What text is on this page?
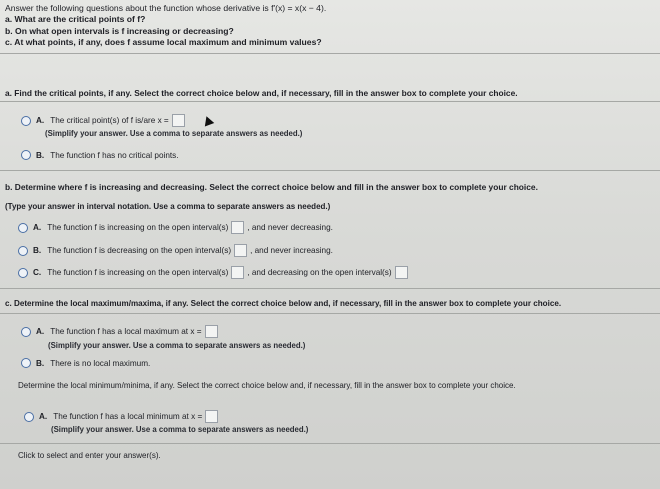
Answer the following questions about the function whose derivative is f'(x) = x(x − 4).
a. What are the critical points of f?
b. On what open intervals is f increasing or decreasing?
c. At what points, if any, does f assume local maximum and minimum values?
a. Find the critical points, if any. Select the correct choice below and, if necessary, fill in the answer box to complete your choice.
A. The critical point(s) of f is/are x =
(Simplify your answer. Use a comma to separate answers as needed.)
B. The function f has no critical points.
b. Determine where f is increasing and decreasing. Select the correct choice below and fill in the answer box to complete your choice.
(Type your answer in interval notation. Use a comma to separate answers as needed.)
A. The function f is increasing on the open interval(s) , and never decreasing.
B. The function f is decreasing on the open interval(s) , and never increasing.
C. The function f is increasing on the open interval(s) , and decreasing on the open interval(s)
c. Determine the local maximum/maxima, if any. Select the correct choice below and, if necessary, fill in the answer box to complete your choice.
A. The function f has a local maximum at x =
(Simplify your answer. Use a comma to separate answers as needed.)
B. There is no local maximum.
Determine the local minimum/minima, if any. Select the correct choice below and, if necessary, fill in the answer box to complete your choice.
A. The function f has a local minimum at x =
(Simplify your answer. Use a comma to separate answers as needed.)
Click to select and enter your answer(s).
